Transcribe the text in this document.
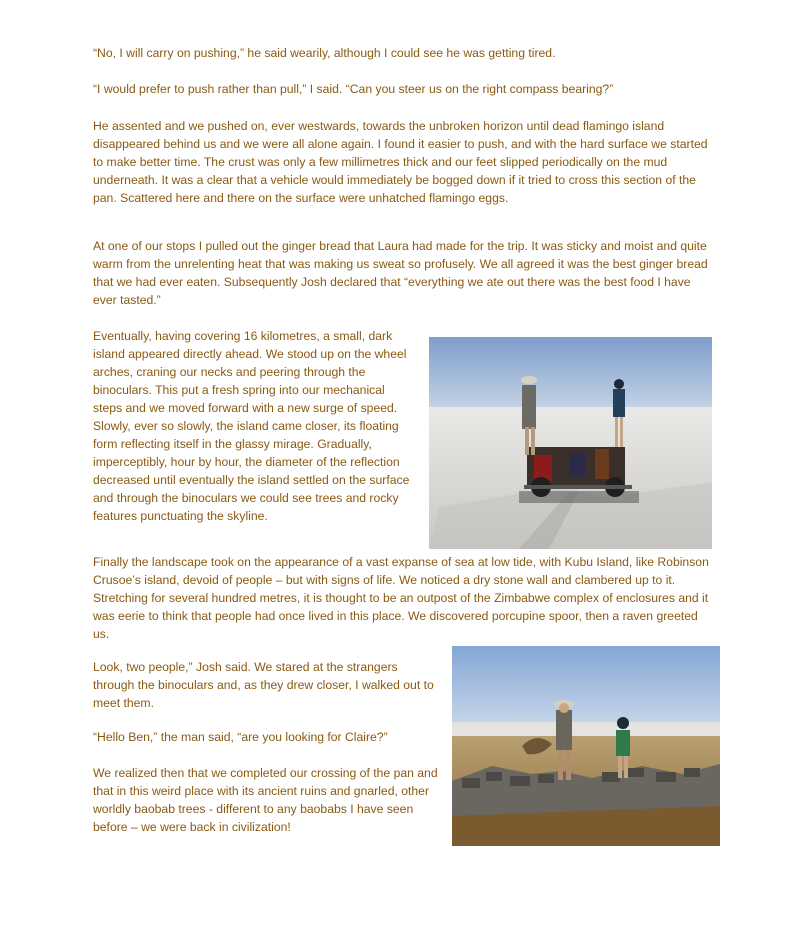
“No, I will carry on pushing,” he said wearily, although I could see he was getting tired.

“I would prefer to push rather than pull,” I said. “Can you steer us on the right compass bearing?”

He assented and we pushed on, ever westwards, towards the unbroken horizon until dead flamingo island disappeared behind us and we were all alone again. I found it easier to push, and with the hard surface we started to make better time. The crust was only a few millimetres thick and our feet slipped periodically on the mud underneath. It was a clear that a vehicle would immediately be bogged down if it tried to cross this section of the pan. Scattered here and there on the surface were unhatched flamingo eggs.

At one of our stops I pulled out the ginger bread that Laura had made for the trip. It was sticky and moist and quite warm from the unrelenting heat that was making us sweat so profusely. We all agreed it was the best ginger bread that we had ever eaten. Subsequently Josh declared that “everything we ate out there was the best food I have ever tasted.”

Eventually, having covering 16 kilometres, a small, dark island appeared directly ahead. We stood up on the wheel arches, craning our necks and peering through the binoculars. This put a fresh spring into our mechanical steps and we moved forward with a new surge of speed. Slowly, ever so slowly, the island came closer, its floating form reflecting itself in the glassy mirage. Gradually, imperceptibly, hour by hour, the diameter of the reflection decreased until eventually the island settled on the surface and through the binoculars we could see trees and rocky features punctuating the skyline.

Finally the landscape took on the appearance of a vast expanse of sea at low tide, with Kubu Island, like Robinson Crusoe’s island, devoid of people – but with signs of life. We noticed a dry stone wall and clambered up to it. Stretching for several hundred metres, it is thought to be an outpost of the Zimbabwe complex of enclosures and it was eerie to think that people had once lived in this place. We discovered porcupine spoor, then a raven greeted us.

Look, two people,” Josh said. We stared at the strangers through the binoculars and, as they drew closer, I walked out to meet them.

“Hello Ben,” the man said, “are you looking for Claire?”

We realized then that we completed our crossing of the pan and that in this weird place with its ancient ruins and gnarled, other worldly baobab trees - different to any baobabs I have seen before – we were back in civilization!
